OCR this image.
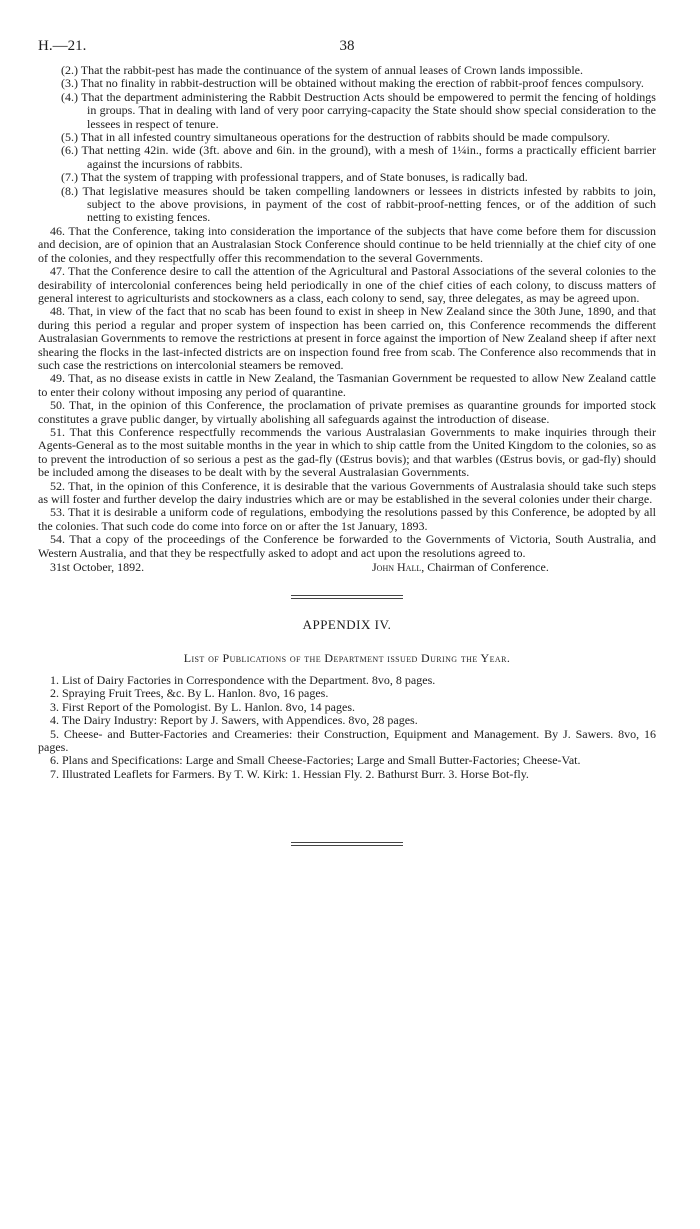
H.—21.	38
(2.) That the rabbit-pest has made the continuance of the system of annual leases of Crown lands impossible.
(3.) That no finality in rabbit-destruction will be obtained without making the erection of rabbit-proof fences compulsory.
(4.) That the department administering the Rabbit Destruction Acts should be empowered to permit the fencing of holdings in groups. That in dealing with land of very poor carrying-capacity the State should show special consideration to the lessees in respect of tenure.
(5.) That in all infested country simultaneous operations for the destruction of rabbits should be made compulsory.
(6.) That netting 42in. wide (3ft. above and 6in. in the ground), with a mesh of 1¼in., forms a practically efficient barrier against the incursions of rabbits.
(7.) That the system of trapping with professional trappers, and of State bonuses, is radically bad.
(8.) That legislative measures should be taken compelling landowners or lessees in districts infested by rabbits to join, subject to the above provisions, in payment of the cost of rabbit-proof-netting fences, or of the addition of such netting to existing fences.
46. That the Conference, taking into consideration the importance of the subjects that have come before them for discussion and decision, are of opinion that an Australasian Stock Conference should continue to be held triennially at the chief city of one of the colonies, and they respectfully offer this recommendation to the several Governments.
47. That the Conference desire to call the attention of the Agricultural and Pastoral Associations of the several colonies to the desirability of intercolonial conferences being held periodically in one of the chief cities of each colony, to discuss matters of general interest to agriculturists and stockowners as a class, each colony to send, say, three delegates, as may be agreed upon.
48. That, in view of the fact that no scab has been found to exist in sheep in New Zealand since the 30th June, 1890, and that during this period a regular and proper system of inspection has been carried on, this Conference recommends the different Australasian Governments to remove the restrictions at present in force against the importion of New Zealand sheep if after next shearing the flocks in the last-infected districts are on inspection found free from scab. The Conference also recommends that in such case the restrictions on intercolonial steamers be removed.
49. That, as no disease exists in cattle in New Zealand, the Tasmanian Government be requested to allow New Zealand cattle to enter their colony without imposing any period of quarantine.
50. That, in the opinion of this Conference, the proclamation of private premises as quarantine grounds for imported stock constitutes a grave public danger, by virtually abolishing all safeguards against the introduction of disease.
51. That this Conference respectfully recommends the various Australasian Governments to make inquiries through their Agents-General as to the most suitable months in the year in which to ship cattle from the United Kingdom to the colonies, so as to prevent the introduction of so serious a pest as the gad-fly (Œstrus bovis); and that warbles (Œstrus bovis, or gad-fly) should be included among the diseases to be dealt with by the several Australasian Governments.
52. That, in the opinion of this Conference, it is desirable that the various Governments of Australasia should take such steps as will foster and further develop the dairy industries which are or may be established in the several colonies under their charge.
53. That it is desirable a uniform code of regulations, embodying the resolutions passed by this Conference, be adopted by all the colonies. That such code do come into force on or after the 1st January, 1893.
54. That a copy of the proceedings of the Conference be forwarded to the Governments of Victoria, South Australia, and Western Australia, and that they be respectfully asked to adopt and act upon the resolutions agreed to.
31st October, 1892.	John Hall, Chairman of Conference.
APPENDIX IV.
List of Publications of the Department issued During the Year.
1. List of Dairy Factories in Correspondence with the Department. 8vo, 8 pages.
2. Spraying Fruit Trees, &c. By L. Hanlon. 8vo, 16 pages.
3. First Report of the Pomologist. By L. Hanlon. 8vo, 14 pages.
4. The Dairy Industry: Report by J. Sawers, with Appendices. 8vo, 28 pages.
5. Cheese- and Butter-Factories and Creameries: their Construction, Equipment and Management. By J. Sawers. 8vo, 16 pages.
6. Plans and Specifications: Large and Small Cheese-Factories; Large and Small Butter-Factories; Cheese-Vat.
7. Illustrated Leaflets for Farmers. By T. W. Kirk: 1. Hessian Fly. 2. Bathurst Burr. 3. Horse Bot-fly.
